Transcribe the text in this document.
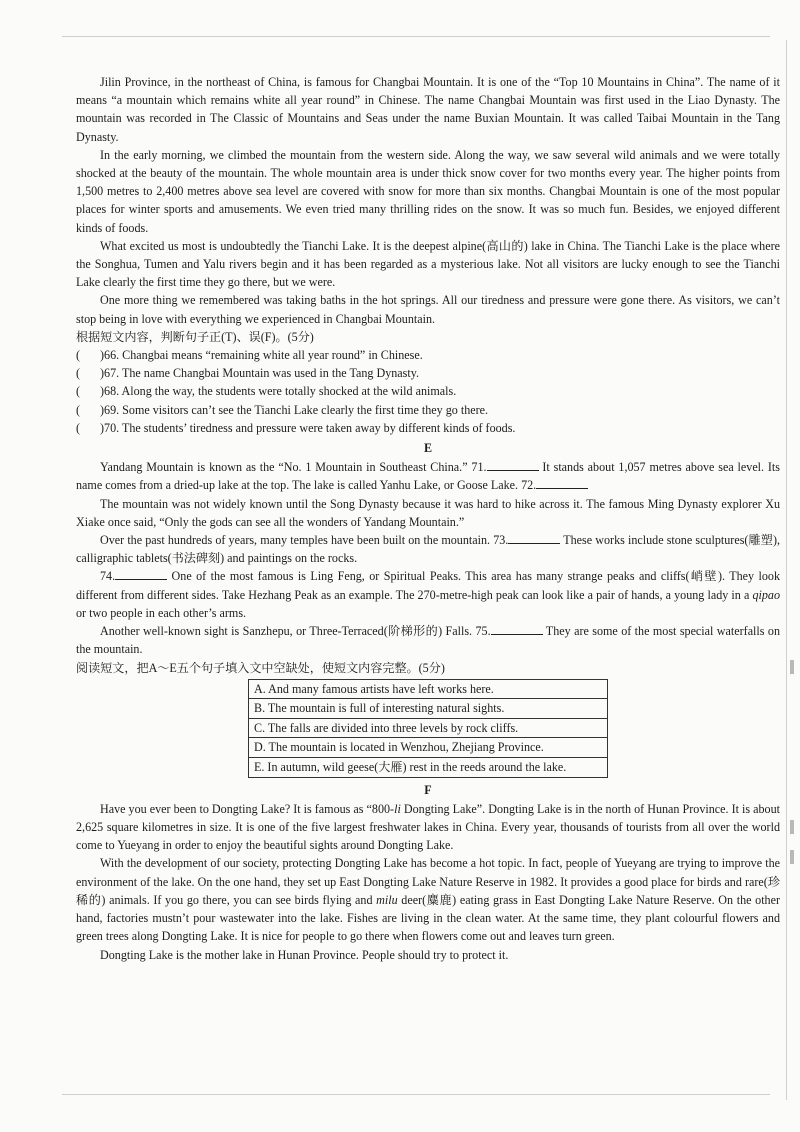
Jilin Province, in the northeast of China, is famous for Changbai Mountain. It is one of the “Top 10 Mountains in China”. The name of it means “a mountain which remains white all year round” in Chinese. The name Changbai Mountain was first used in the Liao Dynasty. The mountain was recorded in The Classic of Mountains and Seas under the name Buxian Mountain. It was called Taibai Mountain in the Tang Dynasty.

In the early morning, we climbed the mountain from the western side. Along the way, we saw several wild animals and we were totally shocked at the beauty of the mountain. The whole mountain area is under thick snow cover for two months every year. The higher points from 1,500 metres to 2,400 metres above sea level are covered with snow for more than six months. Changbai Mountain is one of the most popular places for winter sports and amusements. We even tried many thrilling rides on the snow. It was so much fun. Besides, we enjoyed different kinds of foods.

What excited us most is undoubtedly the Tianchi Lake. It is the deepest alpine(高山的) lake in China. The Tianchi Lake is the place where the Songhua, Tumen and Yalu rivers begin and it has been regarded as a mysterious lake. Not all visitors are lucky enough to see the Tianchi Lake clearly the first time they go there, but we were.

One more thing we remembered was taking baths in the hot springs. All our tiredness and pressure were gone there. As visitors, we can’t stop being in love with everything we experienced in Changbai Mountain.

根据短文内容，判断句子正(T)、误(F)。(5分)

( )66. Changbai means “remaining white all year round” in Chinese.
( )67. The name Changbai Mountain was used in the Tang Dynasty.
( )68. Along the way, the students were totally shocked at the wild animals.
( )69. Some visitors can’t see the Tianchi Lake clearly the first time they go there.
( )70. The students’ tiredness and pressure were taken away by different kinds of foods.
E

Yandang Mountain is known as the “No. 1 Mountain in Southeast China.” 71.	It stands about 1,057 metres above sea level. Its name comes from a dried-up lake at the top. The lake is called Yanhu Lake, or Goose Lake. 72.

The mountain was not widely known until the Song Dynasty because it was hard to hike across it. The famous Ming Dynasty explorer Xu Xiake once said, “Only the gods can see all the wonders of Yandang Mountain.”

Over the past hundreds of years, many temples have been built on the mountain. 73.	These works include stone sculptures(雕塑), calligraphic tablets(书法碑刻) and paintings on the rocks.

74.	One of the most famous is Ling Feng, or Spiritual Peaks. This area has many strange peaks and cliffs(峭壁). They look different from different sides. Take Hezhang Peak as an example. The 270-metre-high peak can look like a pair of hands, a young lady in a qipao or two people in each other’s arms.

Another well-known sight is Sanzhepu, or Three-Terraced(阶梯形的) Falls. 75.	They are some of the most special waterfalls on the mountain.

阅读短文，把A～E五个句子填入文中空缺处，使短文内容完整。(5分)

A. And many famous artists have left works here.
B. The mountain is full of interesting natural sights.
C. The falls are divided into three levels by rock cliffs.
D. The mountain is located in Wenzhou, Zhejiang Province.
E. In autumn, wild geese(大雁) rest in the reeds around the lake.
F

Have you ever been to Dongting Lake? It is famous as “800-li Dongting Lake”. Dongting Lake is in the north of Hunan Province. It is about 2,625 square kilometres in size. It is one of the five largest freshwater lakes in China. Every year, thousands of tourists from all over the world come to Yueyang in order to enjoy the beautiful sights around Dongting Lake.

With the development of our society, protecting Dongting Lake has become a hot topic. In fact, people of Yueyang are trying to improve the environment of the lake. On the one hand, they set up East Dongting Lake Nature Reserve in 1982. It provides a good place for birds and rare(珍稀的) animals. If you go there, you can see birds flying and milu deer(麋鹿) eating grass in East Dongting Lake Nature Reserve. On the other hand, factories mustn’t pour wastewater into the lake. Fishes are living in the clean water. At the same time, they plant colourful flowers and green trees along Dongting Lake. It is nice for people to go there when flowers come out and leaves turn green.

Dongting Lake is the mother lake in Hunan Province. People should try to protect it.
